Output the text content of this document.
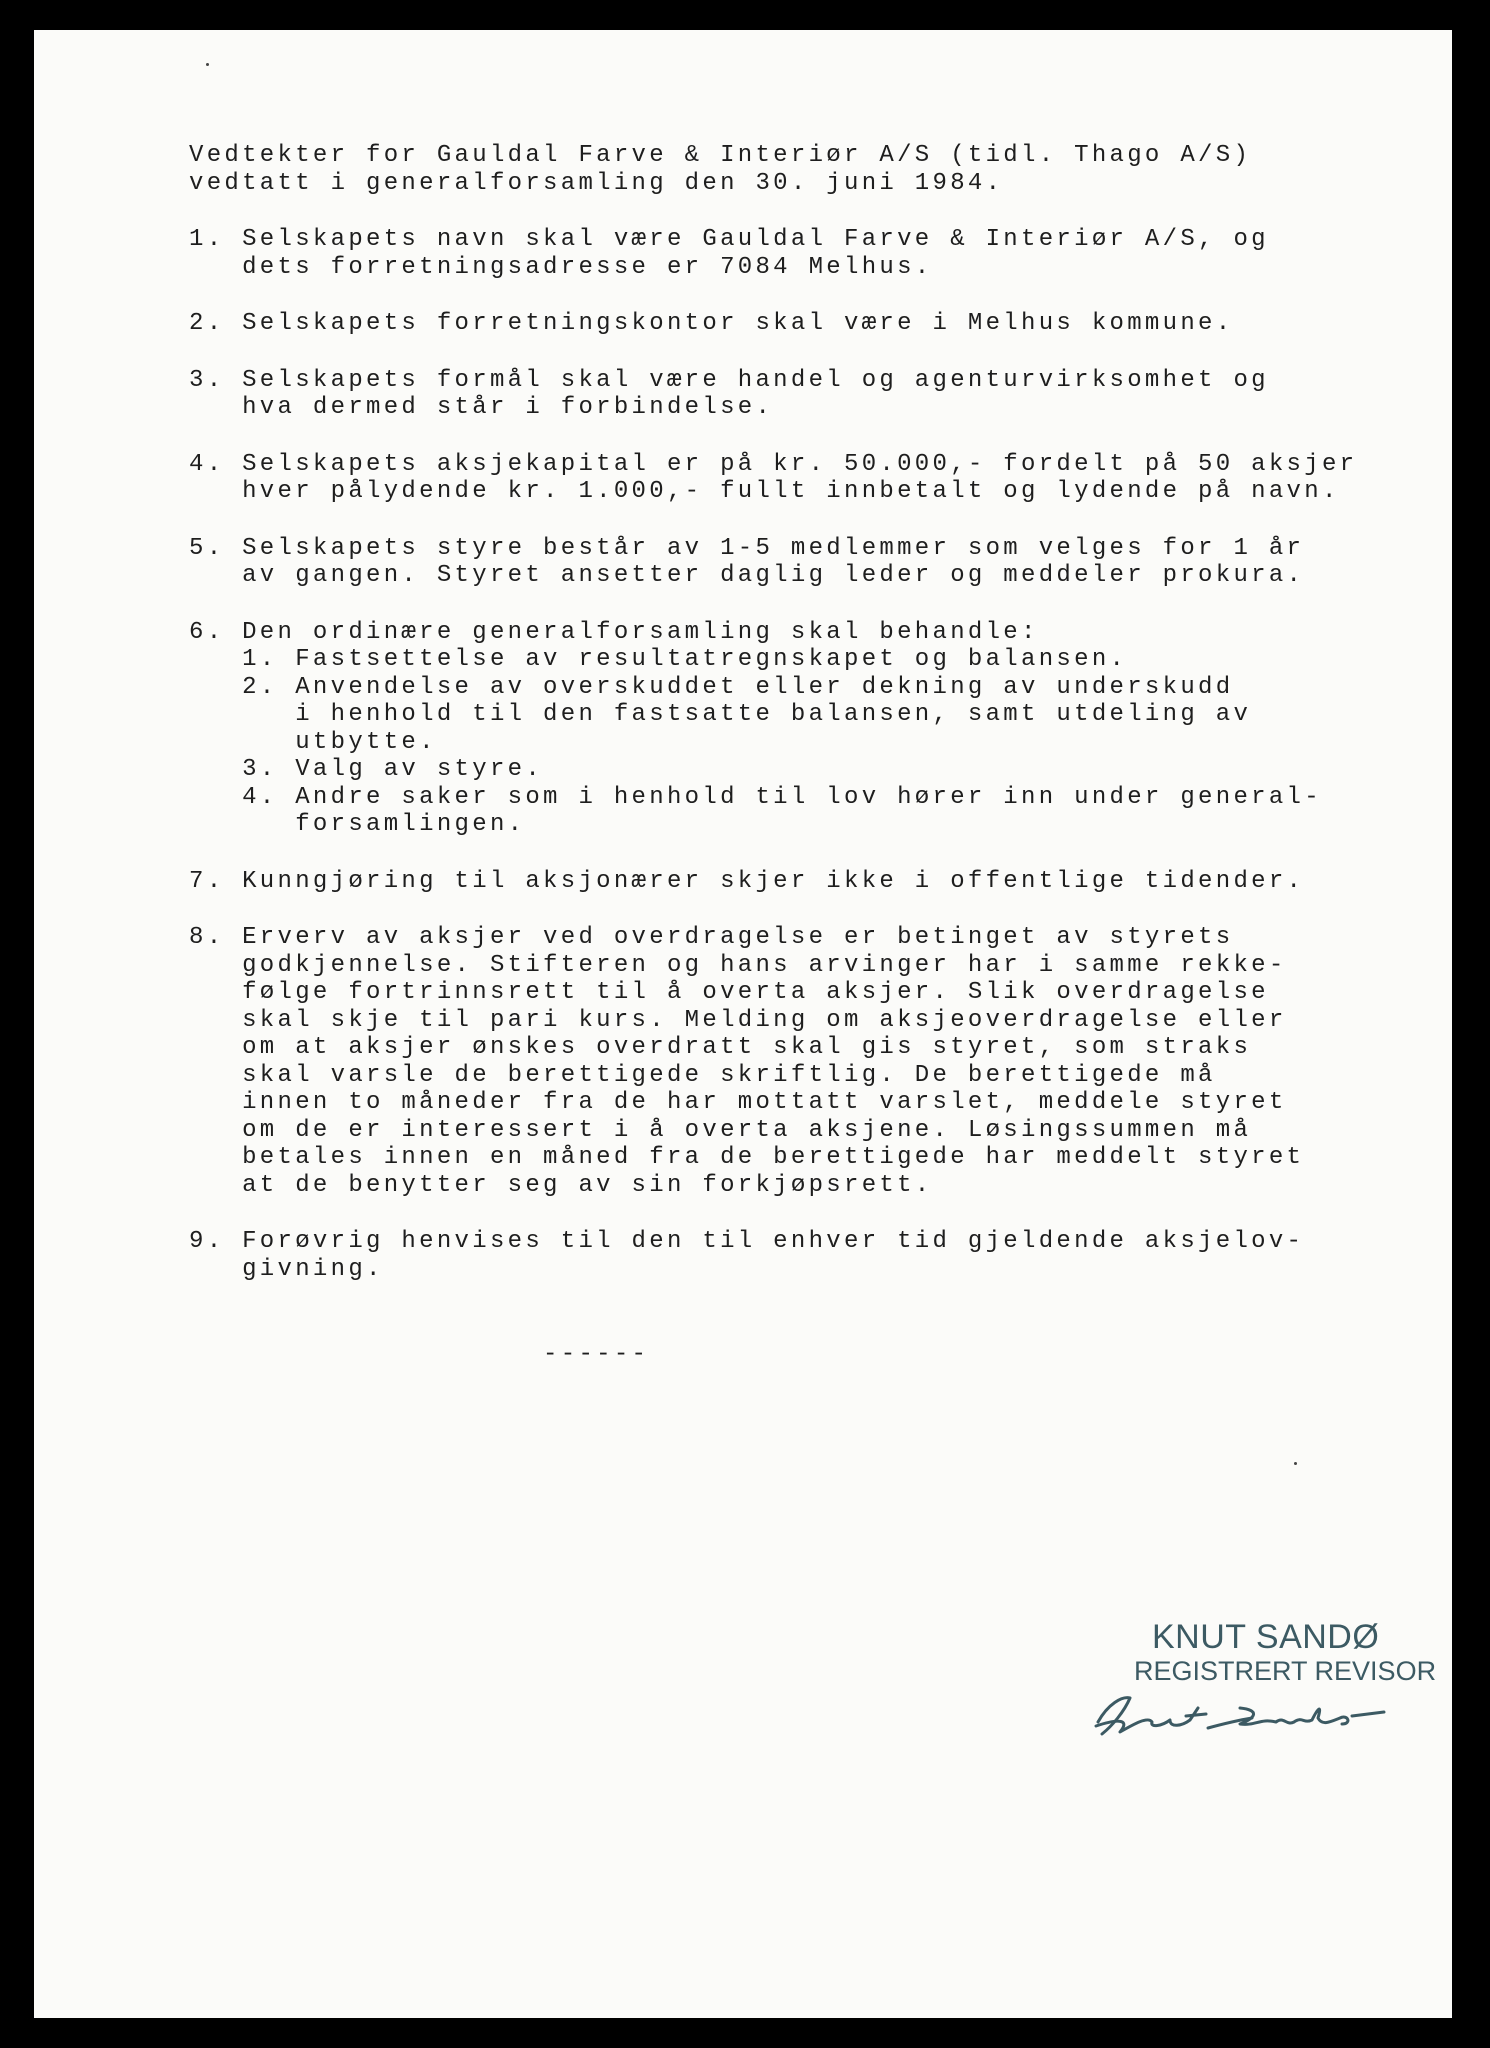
Vedtekter for Gauldal Farve & Interiør A/S (tidl. Thago A/S)
vedtatt i generalforsamling den 30. juni 1984.
1. Selskapets navn skal være Gauldal Farve & Interiør A/S, og
dets forretningsadresse er 7084 Melhus.
2. Selskapets forretningskontor skal være i Melhus kommune.
3. Selskapets formål skal være handel og agenturvirksomhet og
hva dermed står i forbindelse.
4. Selskapets aksjekapital er på kr. 50.000,- fordelt på 50 aksjer
hver pålydende kr. 1.000,- fullt innbetalt og lydende på navn.
5. Selskapets styre består av 1-5 medlemmer som velges for 1 år
av gangen. Styret ansetter daglig leder og meddeler prokura.
6. Den ordinære generalforsamling skal behandle:
1. Fastsettelse av resultatregnskapet og balansen.
2. Anvendelse av overskuddet eller dekning av underskudd
i henhold til den fastsatte balansen, samt utdeling av
utbytte.
3. Valg av styre.
4. Andre saker som i henhold til lov hører inn under general-
forsamlingen.
7. Kunngjøring til aksjonærer skjer ikke i offentlige tidender.
8. Erverv av aksjer ved overdragelse er betinget av styrets
godkjennelse. Stifteren og hans arvinger har i samme rekke-
følge fortrinnsrett til å overta aksjer. Slik overdragelse
skal skje til pari kurs. Melding om aksjeoverdragelse eller
om at aksjer ønskes overdratt skal gis styret, som straks
skal varsle de berettigede skriftlig. De berettigede må
innen to måneder fra de har mottatt varslet, meddele styret
om de er interessert i å overta aksjene. Løsingssummen må
betales innen en måned fra de berettigede har meddelt styret
at de benytter seg av sin forkjøpsrett.
9. Forøvrig henvises til den til enhver tid gjeldende aksjelov-
givning.
------
KNUT SANDØ
REGISTRERT REVISOR
